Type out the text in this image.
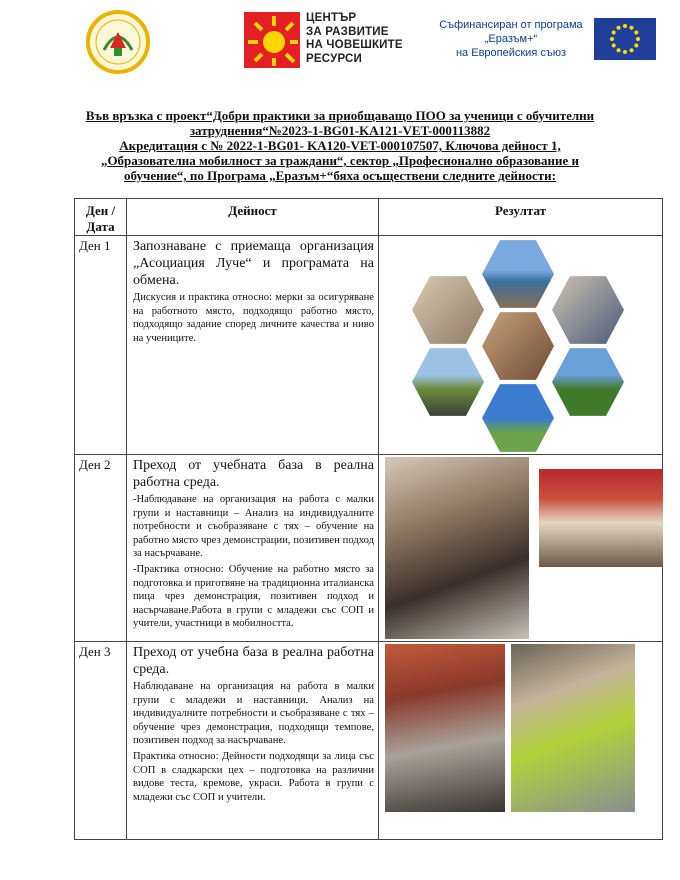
ЦЕНТЪР
ЗА РАЗВИТИЕ
НА ЧОВЕШКИТЕ
РЕСУРСИ
Съфинансиран от програма
„Еразъм+“
на Европейския съюз
Във връзка с проект“Добри практики за приобщаващо ПОО за ученици с обучителни
затруднения“№2023-1-BG01-KA121-VET-000113882
Акредитация с № 2022-1-BG01- KA120-VET-000107507, Ключова дейност 1,
„Образователна мобилност за граждани“, сектор „Професионално образование и
обучение“, по Програма „Еразъм+“бяха осъществени следните дейности:
Ден /
Дата	Дейност	Резултат
Ден 1	Запознаване с приемаща организация „Асоциация Луче“ и програмата на обмена.
Дискусия и практика относно: мерки за осигуряване на работното място, подходящо работно място, подходящо задание според личните качества и ниво на учениците.	

Ден 2	Преход от учебната база в реална работна среда.
-Наблюдаване на организация на работа с малки групи и наставници – Анализ на индивидуалните потребности и съобразяване с тях – обучение на работно място чрез демонстрации, позитивен подход за насърчаване.
-Практика относно: Обучение на работно място за подготовка и приготвяне на традиционна италианска пица чрез демонстрация, позитивен подход и насърчаване.Работа в групи с младежи със СОП и учители, участници в мобилността.	

Ден 3	Преход от учебна база в реална работна среда.
Наблюдаване на организация на работа в малки групи с младежи и наставници. Анализ на индивидуалните потребности и съобразяване с тях – обучение чрез демонстрация, подходящи темпове, позитивен подход за насърчаване.
Практика относно: Дейности подходящи за лица със СОП в сладкарски цех – подготовка на различни видове теста, кремове, украси. Работа в групи с младежи със СОП и учители.	
